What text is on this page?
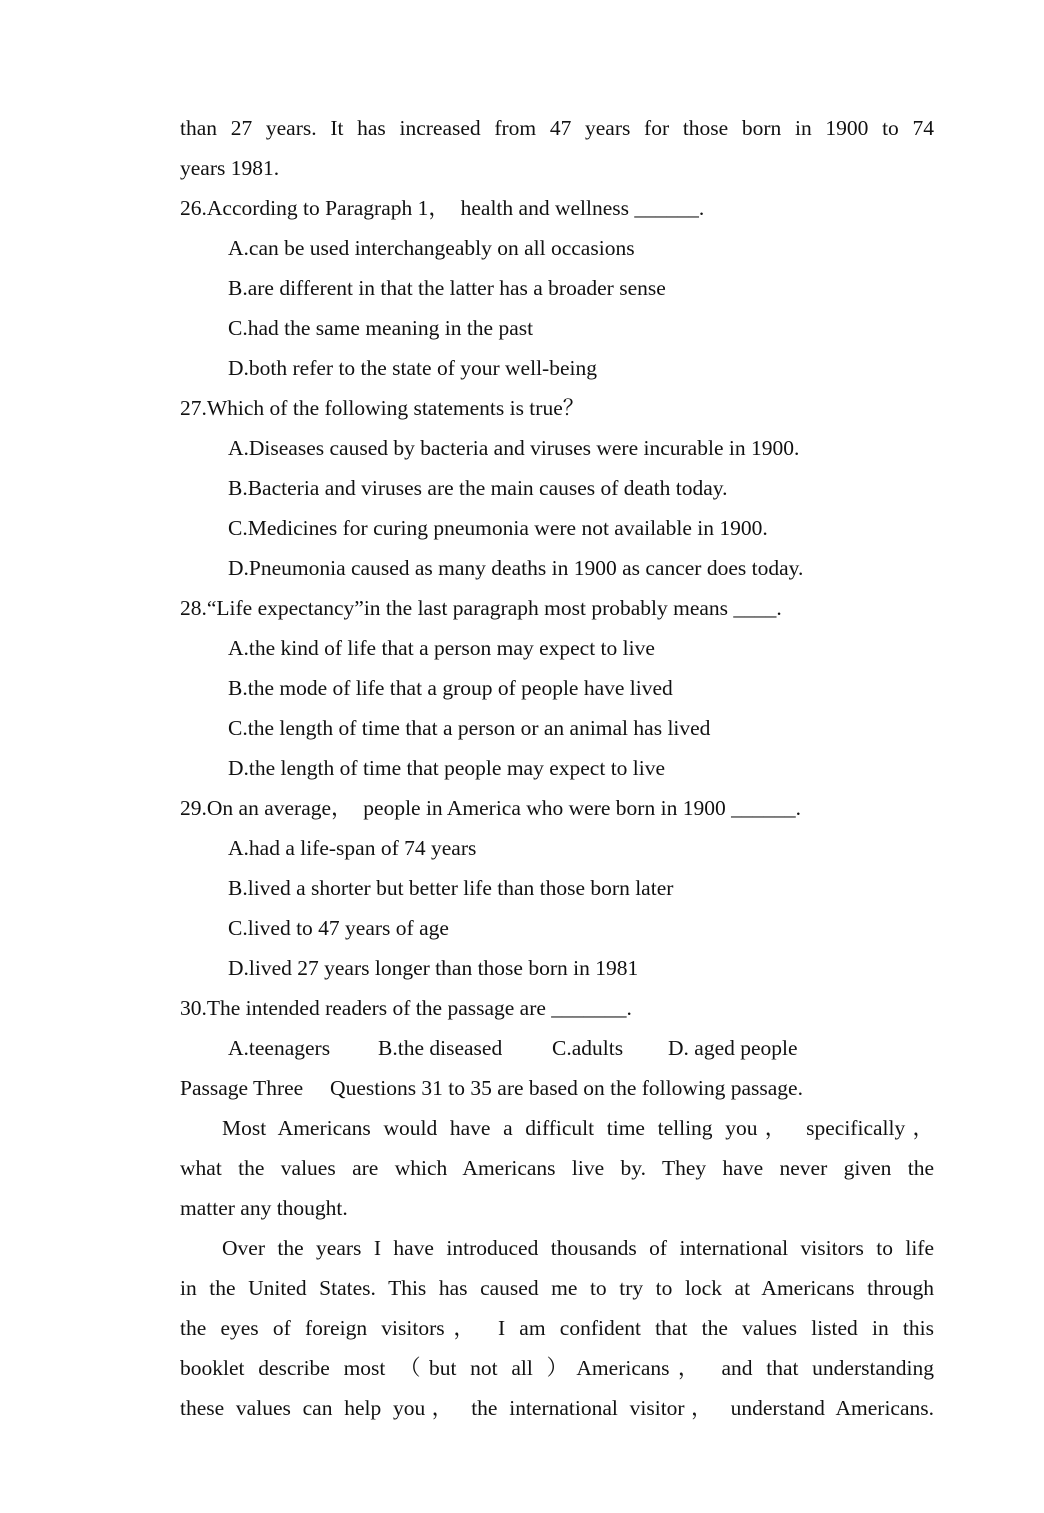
than 27 years. It has increased from 47 years for those born in 1900 to 74
years 1981.
26.According to Paragraph 1，  health and wellness ______.
A.can be used interchangeably on all occasions
B.are different in that the latter has a broader sense
C.had the same meaning in the past
D.both refer to the state of your well-being
27.Which of the following statements is true？
A.Diseases caused by bacteria and viruses were incurable in 1900.
B.Bacteria and viruses are the main causes of death today.
C.Medicines for curing pneumonia were not available in 1900.
D.Pneumonia caused as many deaths in 1900 as cancer does today.
28.“Life expectancy”in the last paragraph most probably means ____.
A.the kind of life that a person may expect to live
B.the mode of life that a group of people have lived
C.the length of time that a person or an animal has lived
D.the length of time that people may expect to live
29.On an average，  people in America who were born in 1900 ______.
A.had a life-span of 74 years
B.lived a shorter but better life than those born later
C.lived to 47 years of age
D.lived 27 years longer than those born in 1981
30.The intended readers of the passage are _______.
A.teenagers	B.the diseased	C.adults	D. aged people
Passage Three     Questions 31 to 35 are based on the following passage.
Most Americans would have a difficult time telling you， specifically，
what the values are which Americans live by. They have never given the
matter any thought.
Over the years I have introduced thousands of international visitors to life
in the United States. This has caused me to try to lock at Americans through
the eyes of foreign visitors， I am confident that the values listed in this
booklet describe most （but not all ）Americans， and that understanding
these values can help you， the international visitor， understand Americans.
